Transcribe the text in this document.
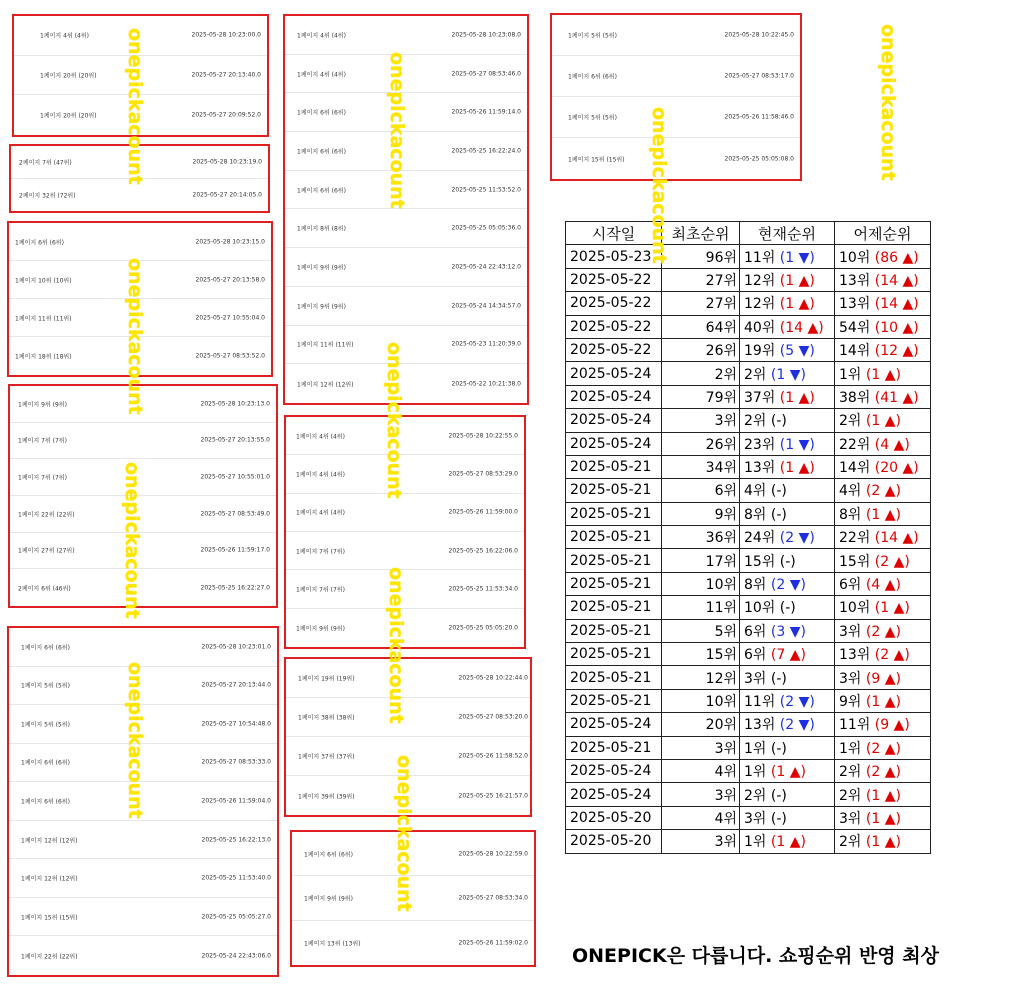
1페이지 4위 (4위)	2025-05-28 10:23:00.0
1페이지 20위 (20위)	2025-05-27 20:13:40.0
1페이지 20위 (20위)	2025-05-27 20:09:52.0
2페이지 7위 (47위)	2025-05-28 10:23:19.0
2페이지 32위 (72위)	2025-05-27 20:14:05.0
1페이지 6위 (6위)	2025-05-28 10:23:15.0
1페이지 10위 (10위)	2025-05-27 20:13:58.0
1페이지 11위 (11위)	2025-05-27 10:55:04.0
1페이지 18위 (18위)	2025-05-27 08:53:52.0
1페이지 9위 (9위)	2025-05-28 10:23:13.0
1페이지 7위 (7위)	2025-05-27 20:13:55.0
1페이지 7위 (7위)	2025-05-27 10:55:01.0
1페이지 22위 (22위)	2025-05-27 08:53:49.0
1페이지 27위 (27위)	2025-05-26 11:59:17.0
2페이지 6위 (46위)	2025-05-25 16:22:27.0
1페이지 6위 (6위)	2025-05-28 10:23:01.0
1페이지 5위 (5위)	2025-05-27 20:13:44.0
1페이지 5위 (5위)	2025-05-27 10:54:48.0
1페이지 6위 (6위)	2025-05-27 08:53:33.0
1페이지 6위 (6위)	2025-05-26 11:59:04.0
1페이지 12위 (12위)	2025-05-25 16:22:13.0
1페이지 12위 (12위)	2025-05-25 11:53:40.0
1페이지 15위 (15위)	2025-05-25 05:05:27.0
1페이지 22위 (22위)	2025-05-24 22:43:06.0
1페이지 4위 (4위)	2025-05-28 10:23:08.0
1페이지 4위 (4위)	2025-05-27 08:53:46.0
1페이지 6위 (6위)	2025-05-26 11:59:14.0
1페이지 6위 (6위)	2025-05-25 16:22:24.0
1페이지 6위 (6위)	2025-05-25 11:53:52.0
1페이지 8위 (8위)	2025-05-25 05:05:36.0
1페이지 9위 (9위)	2025-05-24 22:43:12.0
1페이지 9위 (9위)	2025-05-24 14:34:57.0
1페이지 11위 (11위)	2025-05-23 11:20:39.0
1페이지 12위 (12위)	2025-05-22 10:21:38.0
1페이지 4위 (4위)	2025-05-28 10:22:55.0
1페이지 4위 (4위)	2025-05-27 08:53:29.0
1페이지 4위 (4위)	2025-05-26 11:59:00.0
1페이지 7위 (7위)	2025-05-25 16:22:06.0
1페이지 7위 (7위)	2025-05-25 11:53:34.0
1페이지 9위 (9위)	2025-05-25 05:05:20.0
1페이지 19위 (19위)	2025-05-28 10:22:44.0
1페이지 38위 (38위)	2025-05-27 08:53:20.0
1페이지 37위 (37위)	2025-05-26 11:58:52.0
1페이지 39위 (39위)	2025-05-25 16:21:57.0
1페이지 6위 (6위)	2025-05-28 10:22:59.0
1페이지 9위 (9위)	2025-05-27 08:53:34.0
1페이지 13위 (13위)	2025-05-26 11:59:02.0
1페이지 5위 (5위)	2025-05-28 10:22:45.0
1페이지 6위 (6위)	2025-05-27 08:53:17.0
1페이지 5위 (5위)	2025-05-26 11:58:46.0
1페이지 15위 (15위)	2025-05-25 05:05:08.0
시작일	최초순위	현재순위	어제순위
2025-05-23	96위	11위 (1 ▼)	10위 (86 ▲)
2025-05-22	27위	12위 (1 ▲)	13위 (14 ▲)
2025-05-22	27위	12위 (1 ▲)	13위 (14 ▲)
2025-05-22	64위	40위 (14 ▲)	54위 (10 ▲)
2025-05-22	26위	19위 (5 ▼)	14위 (12 ▲)
2025-05-24	2위	2위 (1 ▼)	1위 (1 ▲)
2025-05-24	79위	37위 (1 ▲)	38위 (41 ▲)
2025-05-24	3위	2위 (-)	2위 (1 ▲)
2025-05-24	26위	23위 (1 ▼)	22위 (4 ▲)
2025-05-21	34위	13위 (1 ▲)	14위 (20 ▲)
2025-05-21	6위	4위 (-)	4위 (2 ▲)
2025-05-21	9위	8위 (-)	8위 (1 ▲)
2025-05-21	36위	24위 (2 ▼)	22위 (14 ▲)
2025-05-21	17위	15위 (-)	15위 (2 ▲)
2025-05-21	10위	8위 (2 ▼)	6위 (4 ▲)
2025-05-21	11위	10위 (-)	10위 (1 ▲)
2025-05-21	5위	6위 (3 ▼)	3위 (2 ▲)
2025-05-21	15위	6위 (7 ▲)	13위 (2 ▲)
2025-05-21	12위	3위 (-)	3위 (9 ▲)
2025-05-21	10위	11위 (2 ▼)	9위 (1 ▲)
2025-05-24	20위	13위 (2 ▼)	11위 (9 ▲)
2025-05-21	3위	1위 (-)	1위 (2 ▲)
2025-05-24	4위	1위 (1 ▲)	2위 (2 ▲)
2025-05-24	3위	2위 (-)	2위 (1 ▲)
2025-05-20	4위	3위 (-)	3위 (1 ▲)
2025-05-20	3위	1위 (1 ▲)	2위 (1 ▲)
onepickacount
onepickacount
onepickacount
onepickacount
onepickacount
onepickacount
onepickacount
onepickacount
onepickacount
onepickacount
ONEPICK은 다릅니다. 쇼핑순위 반영 최상
